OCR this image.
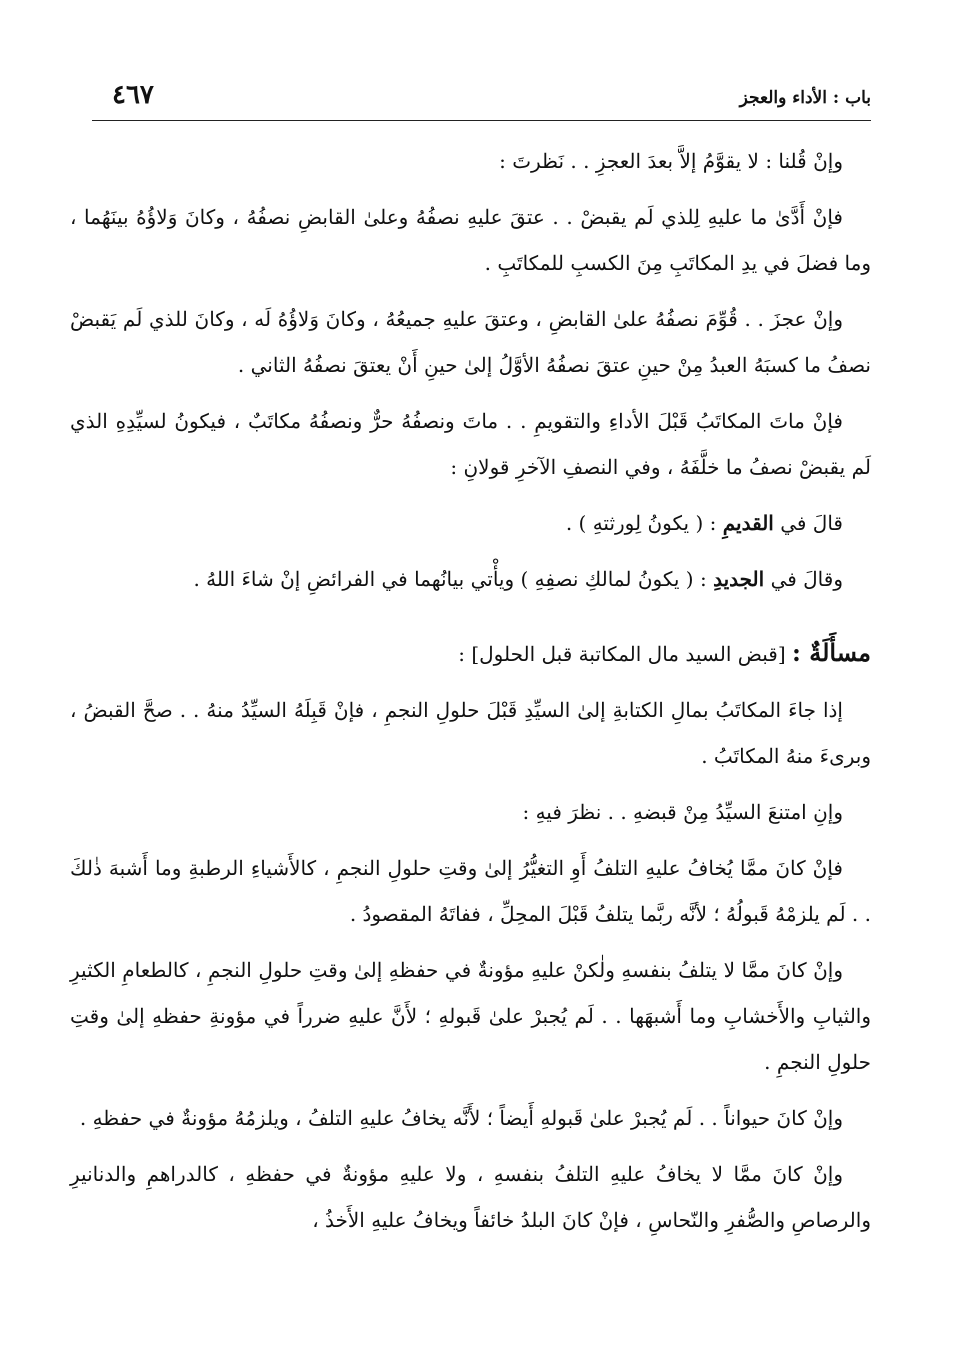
باب : الأداء والعجز
٤٦٧

وإنْ قُلنا : لا يقوَّمُ إلاَّ بعدَ العجزِ . . نَظرتَ :

فإنْ أَدَّىٰ ما عليهِ لِلذي لَم يقبضْ . . عتقَ عليهِ نصفُهُ وعلىٰ القابضِ نصفُهُ ، وكانَ وَلاؤُهُ بينَهُما ، وما فضلَ في يدِ المكاتَبِ مِنَ الكسبِ للمكاتَبِ .

وإنْ عجزَ . . قُوِّمَ نصفُهُ علىٰ القابضِ ، وعتقَ عليهِ جميعُهُ ، وكانَ وَلاؤُهُ لَه ، وكانَ للذي لَم يَقبضْ نصفُ ما كسبَهُ العبدُ مِنْ حينِ عتقَ نصفُهُ الأوَّلُ إلىٰ حينِ أَنْ يعتقَ نصفُهُ الثاني .

فإنْ ماتَ المكاتَبُ قَبْلَ الأداءِ والتقويمِ . . ماتَ ونصفُهُ حرٌّ ونصفُهُ مكاتَبٌ ، فيكونُ لسيِّدِهِ الذي لَم يقبضْ نصفُ ما خلَّفَهُ ، وفي النصفِ الآخرِ قولانِ :

قالَ في القديمِ : ( يكونُ لِورثتهِ ) .

وقالَ في الجديدِ : ( يكونُ لمالكِ نصفِهِ ) ويأْتي بيانُهما في الفرائضِ إنْ شاءَ اللهُ .

مسأَلَةٌ : [قبض السيد مال المكاتبة قبل الحلول] :

إذا جاءَ المكاتَبُ بمالِ الكتابةِ إلىٰ السيِّدِ قَبْلَ حلولِ النجمِ ، فإنْ قَبِلَهُ السيِّدُ منهُ . . صحَّ القبضُ ، وبرىءَ منهُ المكاتَبُ .

وإنِ امتنعَ السيِّدُ مِنْ قبضهِ . . نظرَ فيهِ :

فإنْ كانَ ممَّا يُخافُ عليهِ التلفُ أَوِ التغيُّرُ إلىٰ وقتِ حلولِ النجمِ ، كالأَشياءِ الرطبةِ وما أَشبهَ ذٰلكَ . . لَم يلزمْهُ قَبولُهُ ؛ لأنَّه ربَّما يتلفُ قَبْلَ المحِلِّ ، ففاتَهُ المقصودُ .

وإنْ كانَ ممَّا لا يتلفُ بنفسهِ ولٰكنْ عليهِ مؤونةٌ في حفظهِ إلىٰ وقتِ حلولِ النجمِ ، كالطعامِ الكثيرِ والثيابِ والأَخشابِ وما أَشبهَها . . لَم يُجبرْ علىٰ قَبولهِ ؛ لأَنَّ عليهِ ضرراً في مؤونةِ حفظهِ إلىٰ وقتِ حلولِ النجمِ .

وإنْ كانَ حيواناً . . لَم يُجبرْ علىٰ قَبولهِ أَيضاً ؛ لأَنَّه يخافُ عليهِ التلفُ ، ويلزمُهُ مؤونةٌ في حفظهِ .

وإنْ كانَ ممَّا لا يخافُ عليهِ التلفُ بنفسهِ ، ولا عليهِ مؤونةٌ في حفظهِ ، كالدراهمِ والدنانيرِ والرصاصِ والصُّفرِ والنّحاسِ ، فإنْ كانَ البلدُ خائفاً ويخافُ عليهِ الأَخذُ ،
